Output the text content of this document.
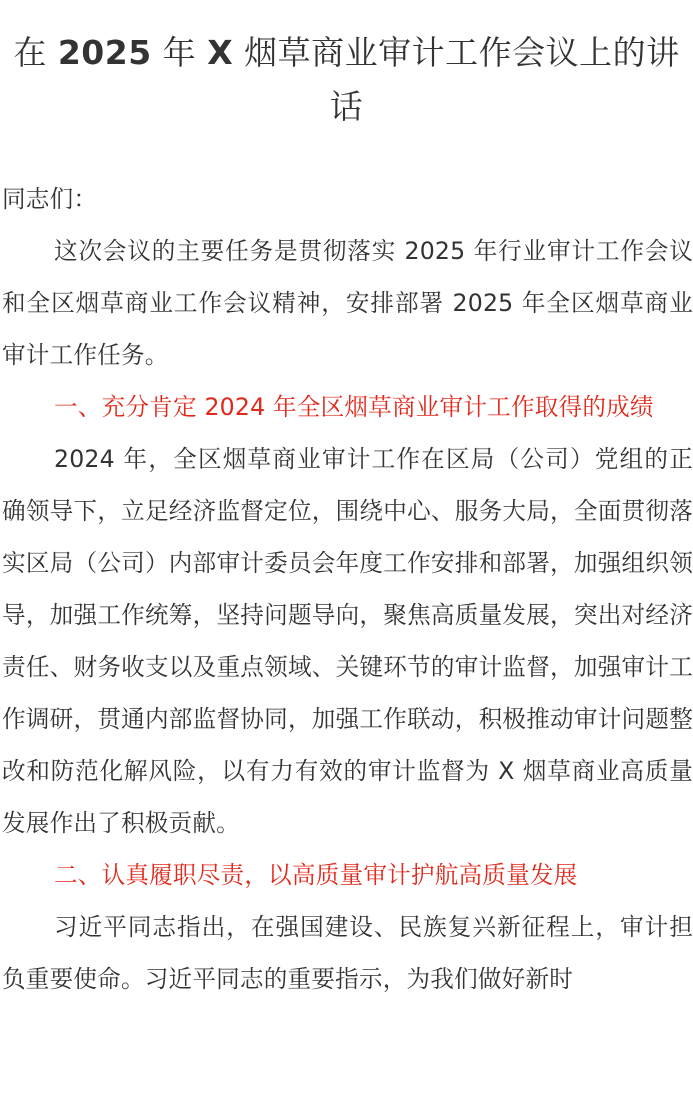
在 2025 年 X 烟草商业审计工作会议上的讲话

同志们：

这次会议的主要任务是贯彻落实 2025 年行业审计工作会议和全区烟草商业工作会议精神，安排部署 2025 年全区烟草商业审计工作任务。

一、充分肯定 2024 年全区烟草商业审计工作取得的成绩

2024 年，全区烟草商业审计工作在区局（公司）党组的正确领导下，立足经济监督定位，围绕中心、服务大局，全面贯彻落实区局（公司）内部审计委员会年度工作安排和部署，加强组织领导，加强工作统筹，坚持问题导向，聚焦高质量发展，突出对经济责任、财务收支以及重点领域、关键环节的审计监督，加强审计工作调研，贯通内部监督协同，加强工作联动，积极推动审计问题整改和防范化解风险，以有力有效的审计监督为 X 烟草商业高质量发展作出了积极贡献。

二、认真履职尽责，以高质量审计护航高质量发展

习近平同志指出，在强国建设、民族复兴新征程上，审计担负重要使命。习近平同志的重要指示，为我们做好新时
